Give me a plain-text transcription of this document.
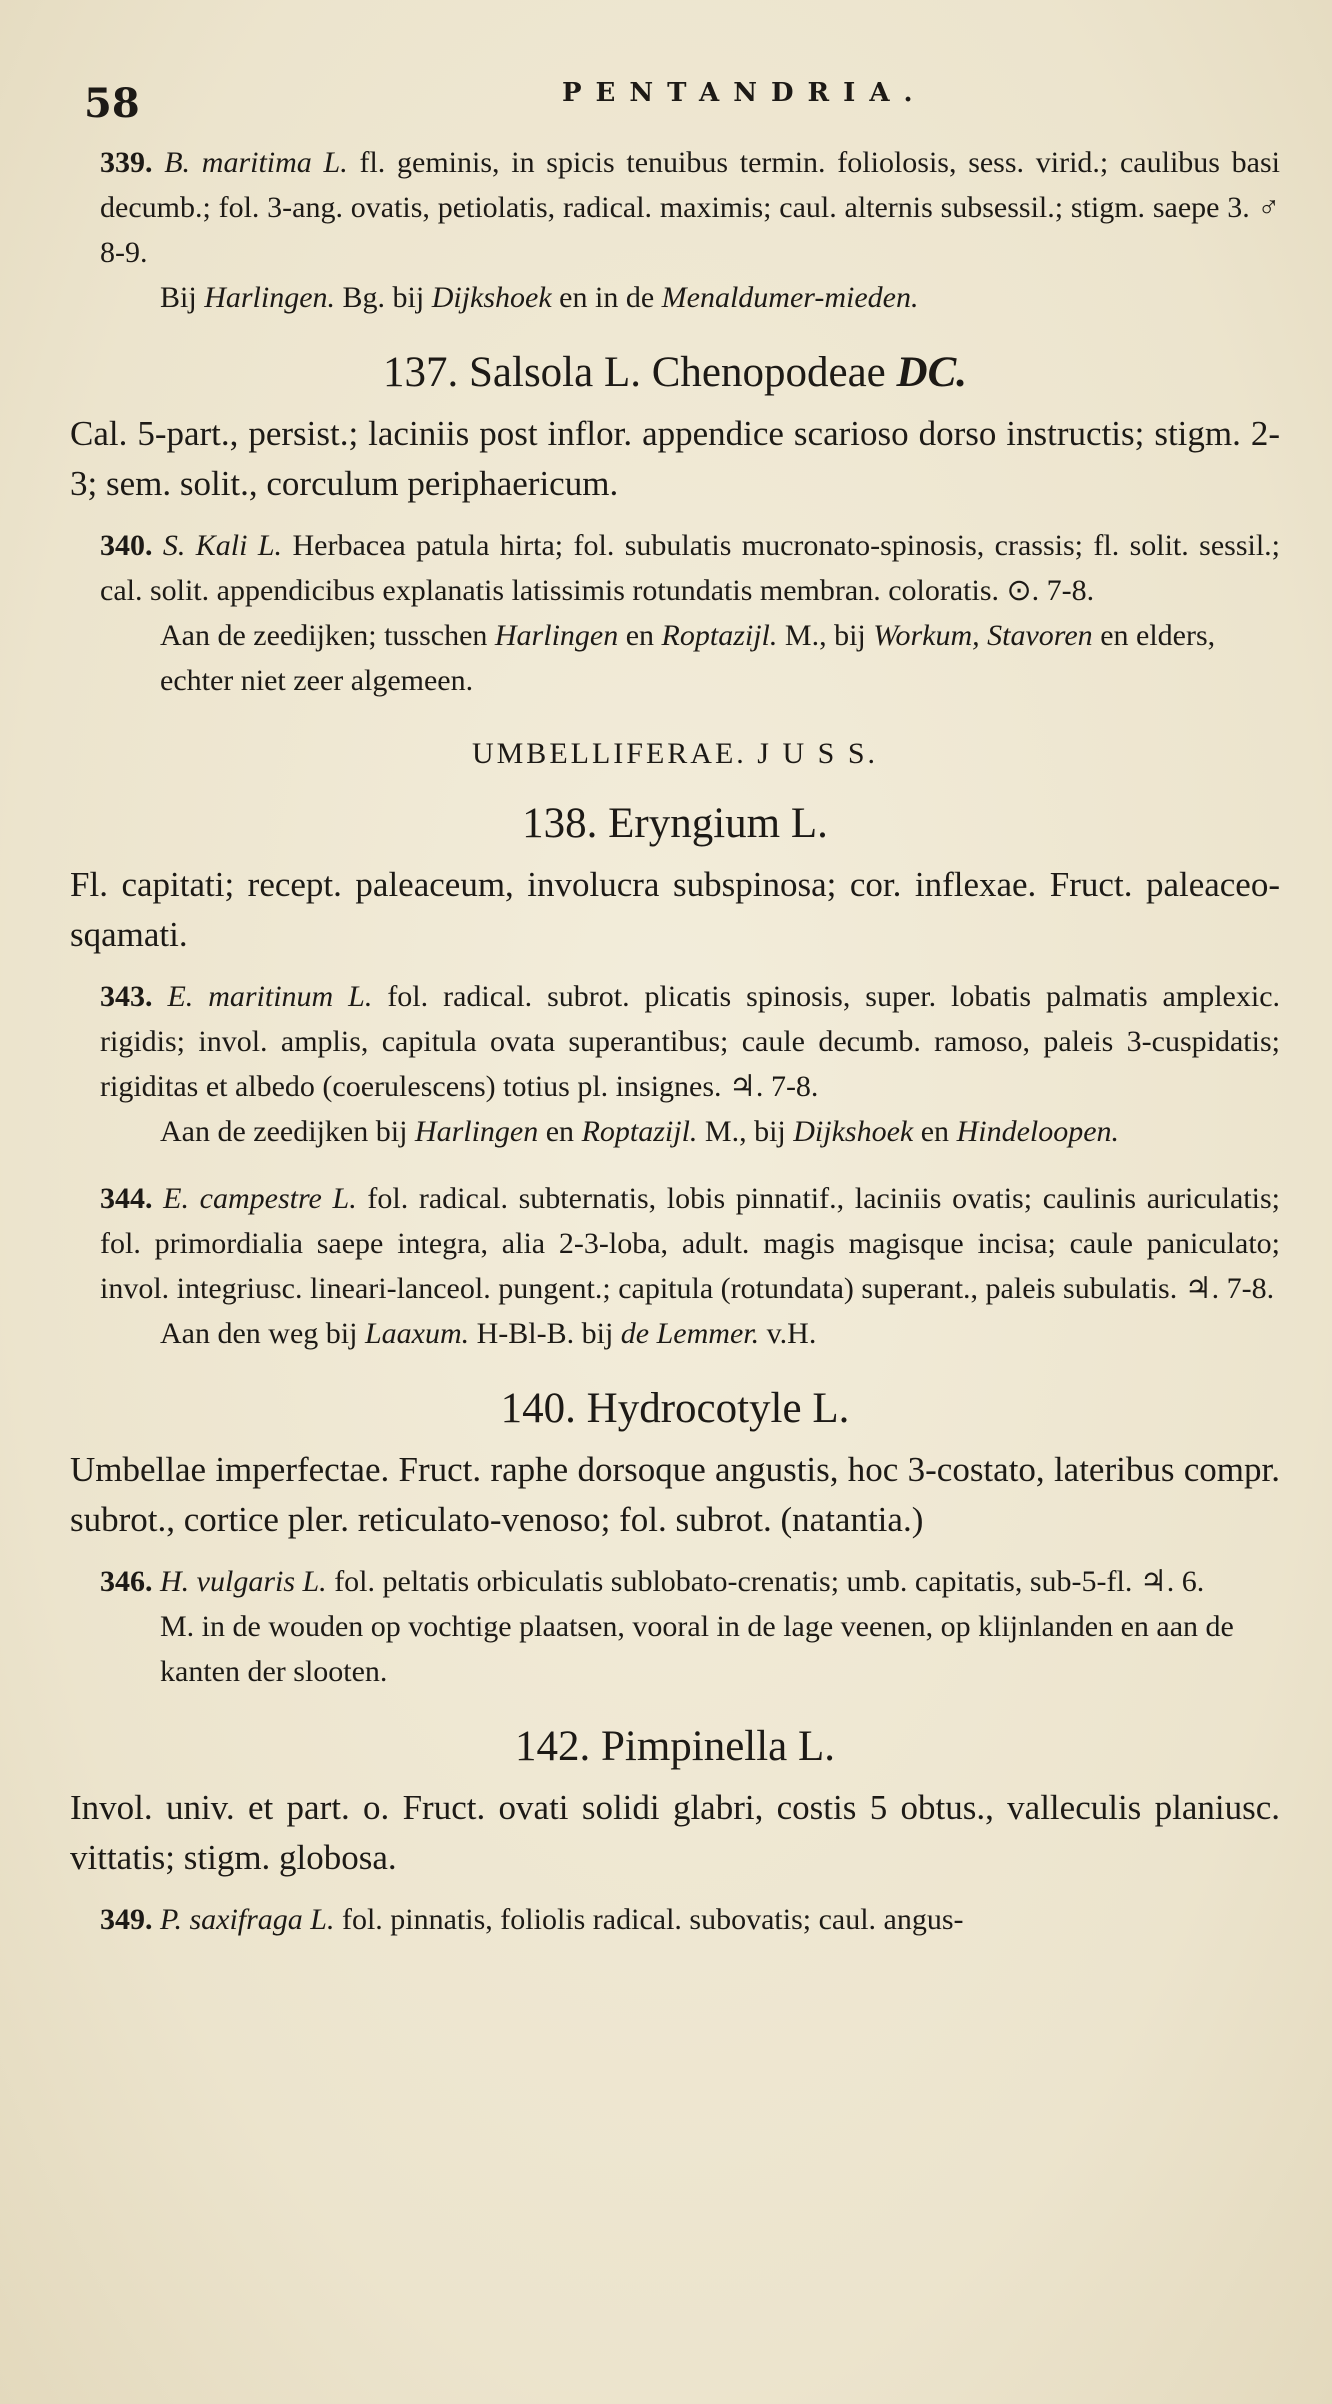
58	PENTANDRIA.

339. B. maritima L. fl. geminis, in spicis tenuibus termin. foliolosis, sess. virid.; caulibus basi decumb.; fol. 3-ang. ovatis, petiolatis, radical. maximis; caul. alternis subsessil.; stigm. saepe 3. ♂ 8-9.

Bij Harlingen. Bg. bij Dijkshoek en in de Menaldumer-mieden.

137. Salsola L. Chenopodeae DC.

Cal. 5-part., persist.; laciniis post inflor. appendice scarioso dorso instructis; stigm. 2-3; sem. solit., corculum periphaericum.

340. S. Kali L. Herbacea patula hirta; fol. subulatis mucronato-spinosis, crassis; fl. solit. sessil.; cal. solit. appendicibus explanatis latissimis rotundatis membran. coloratis. ⊙. 7-8.

Aan de zeedijken; tusschen Harlingen en Roptazijl. M., bij Workum, Stavoren en elders, echter niet zeer algemeen.

UMBELLIFERAE. J U S S.
138. Eryngium L.

Fl. capitati; recept. paleaceum, involucra subspinosa; cor. inflexae. Fruct. paleaceo-sqamati.

343. E. maritinum L. fol. radical. subrot. plicatis spinosis, super. lobatis palmatis amplexic. rigidis; invol. amplis, capitula ovata superantibus; caule decumb. ramoso, paleis 3-cuspidatis; rigiditas et albedo (coerulescens) totius pl. insignes. ♃. 7-8.

Aan de zeedijken bij Harlingen en Roptazijl. M., bij Dijkshoek en Hindeloopen.

344. E. campestre L. fol. radical. subternatis, lobis pinnatif., laciniis ovatis; caulinis auriculatis; fol. primordialia saepe integra, alia 2-3-loba, adult. magis magisque incisa; caule paniculato; invol. integriusc. lineari-lanceol. pungent.; capitula (rotundata) superant., paleis subulatis. ♃. 7-8.

Aan den weg bij Laaxum. H-Bl-B. bij de Lemmer. v.H.

140. Hydrocotyle L.

Umbellae imperfectae. Fruct. raphe dorsoque angustis, hoc 3-costato, lateribus compr. subrot., cortice pler. reticulato-venoso; fol. subrot. (natantia.)

346. H. vulgaris L. fol. peltatis orbiculatis sublobato-crenatis; umb. capitatis, sub-5-fl. ♃. 6.

M. in de wouden op vochtige plaatsen, vooral in de lage veenen, op klijnlanden en aan de kanten der slooten.

142. Pimpinella L.

Invol. univ. et part. o. Fruct. ovati solidi glabri, costis 5 obtus., valleculis planiusc. vittatis; stigm. globosa.

349. P. saxifraga L. fol. pinnatis, foliolis radical. subovatis; caul. angus-
